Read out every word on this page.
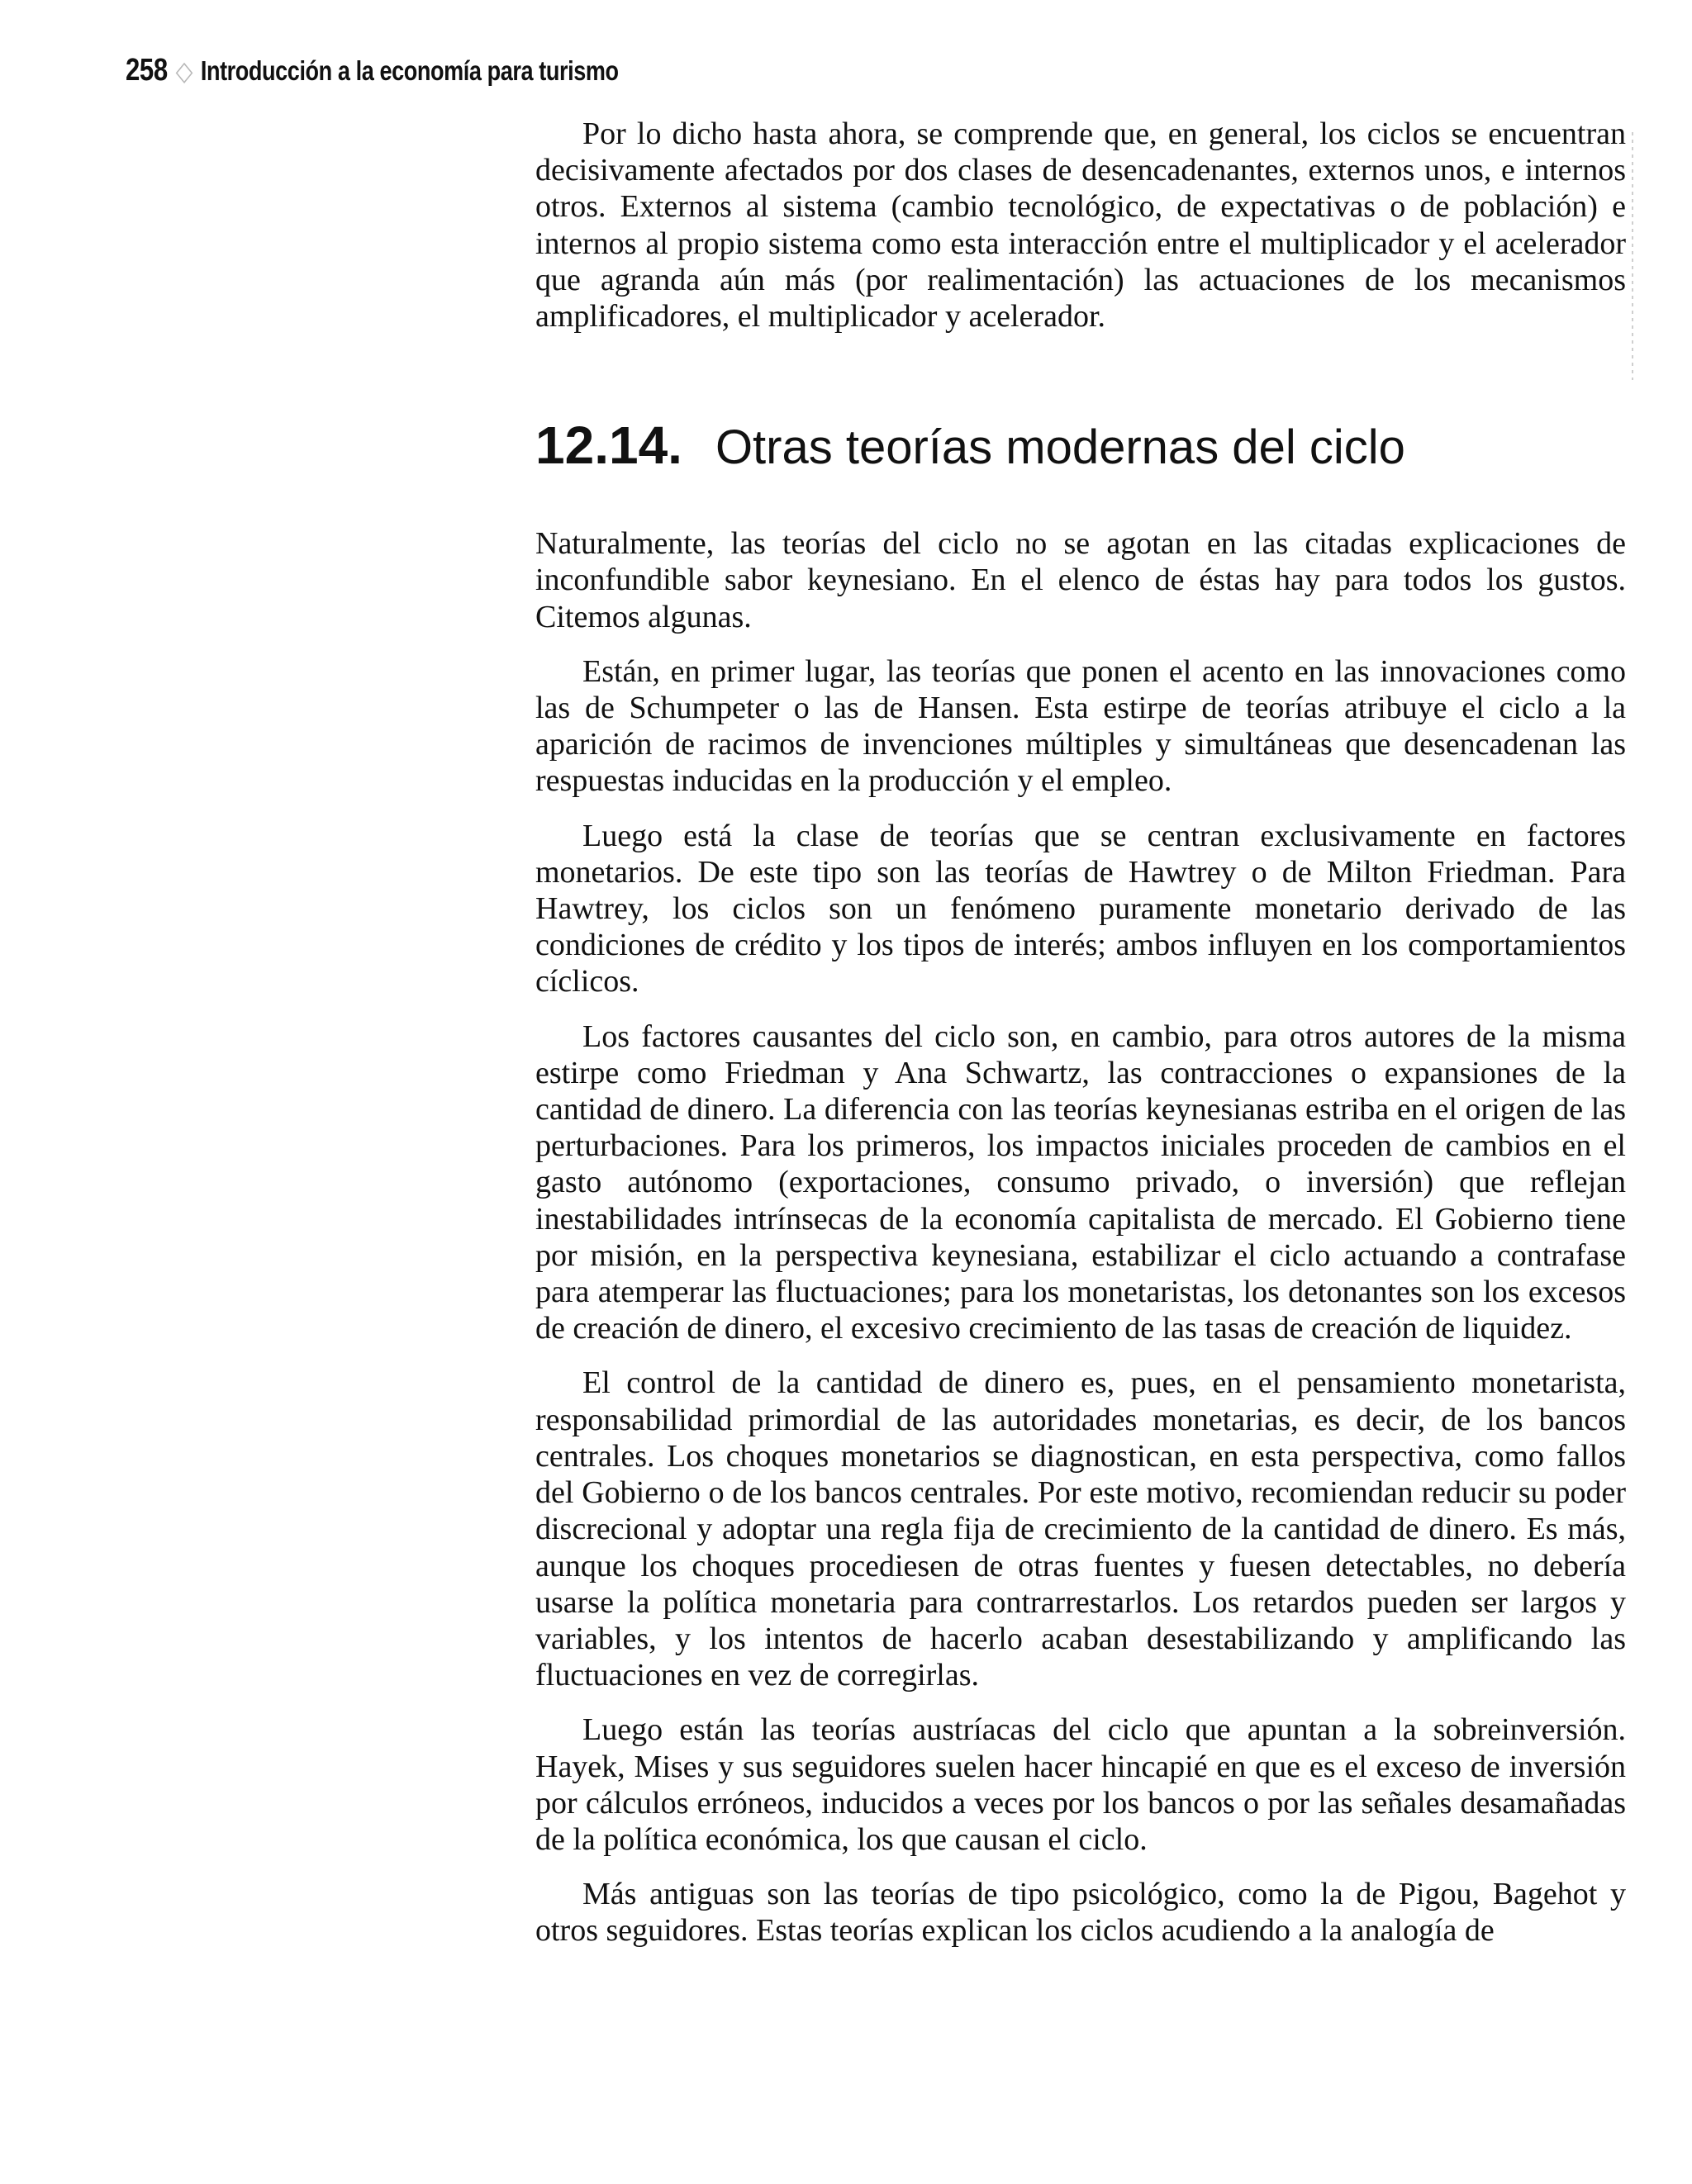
258 ◇ Introducción a la economía para turismo

Por lo dicho hasta ahora, se comprende que, en general, los ciclos se encuentran decisivamente afectados por dos clases de desencadenantes, externos unos, e internos otros. Externos al sistema (cambio tecnológico, de expectativas o de población) e internos al propio sistema como esta interacción entre el multiplicador y el acelerador que agranda aún más (por realimentación) las actuaciones de los mecanismos amplificadores, el multiplicador y acelerador.

12.14. Otras teorías modernas del ciclo

Naturalmente, las teorías del ciclo no se agotan en las citadas explicaciones de inconfundible sabor keynesiano. En el elenco de éstas hay para todos los gustos. Citemos algunas.

Están, en primer lugar, las teorías que ponen el acento en las innovaciones como las de Schumpeter o las de Hansen. Esta estirpe de teorías atribuye el ciclo a la aparición de racimos de invenciones múltiples y simultáneas que desencadenan las respuestas inducidas en la producción y el empleo.

Luego está la clase de teorías que se centran exclusivamente en factores monetarios. De este tipo son las teorías de Hawtrey o de Milton Friedman. Para Hawtrey, los ciclos son un fenómeno puramente monetario derivado de las condiciones de crédito y los tipos de interés; ambos influyen en los comportamientos cíclicos.

Los factores causantes del ciclo son, en cambio, para otros autores de la misma estirpe como Friedman y Ana Schwartz, las contracciones o expansiones de la cantidad de dinero. La diferencia con las teorías keynesianas estriba en el origen de las perturbaciones. Para los primeros, los impactos iniciales proceden de cambios en el gasto autónomo (exportaciones, consumo privado, o inversión) que reflejan inestabilidades intrínsecas de la economía capitalista de mercado. El Gobierno tiene por misión, en la perspectiva keynesiana, estabilizar el ciclo actuando a contrafase para atemperar las fluctuaciones; para los monetaristas, los detonantes son los excesos de creación de dinero, el excesivo crecimiento de las tasas de creación de liquidez.

El control de la cantidad de dinero es, pues, en el pensamiento monetarista, responsabilidad primordial de las autoridades monetarias, es decir, de los bancos centrales. Los choques monetarios se diagnostican, en esta perspectiva, como fallos del Gobierno o de los bancos centrales. Por este motivo, recomiendan reducir su poder discrecional y adoptar una regla fija de crecimiento de la cantidad de dinero. Es más, aunque los choques procediesen de otras fuentes y fuesen detectables, no debería usarse la política monetaria para contrarrestarlos. Los retardos pueden ser largos y variables, y los intentos de hacerlo acaban desestabilizando y amplificando las fluctuaciones en vez de corregirlas.

Luego están las teorías austríacas del ciclo que apuntan a la sobreinversión. Hayek, Mises y sus seguidores suelen hacer hincapié en que es el exceso de inversión por cálculos erróneos, inducidos a veces por los bancos o por las señales desamañadas de la política económica, los que causan el ciclo.

Más antiguas son las teorías de tipo psicológico, como la de Pigou, Bagehot y otros seguidores. Estas teorías explican los ciclos acudiendo a la analogía de
